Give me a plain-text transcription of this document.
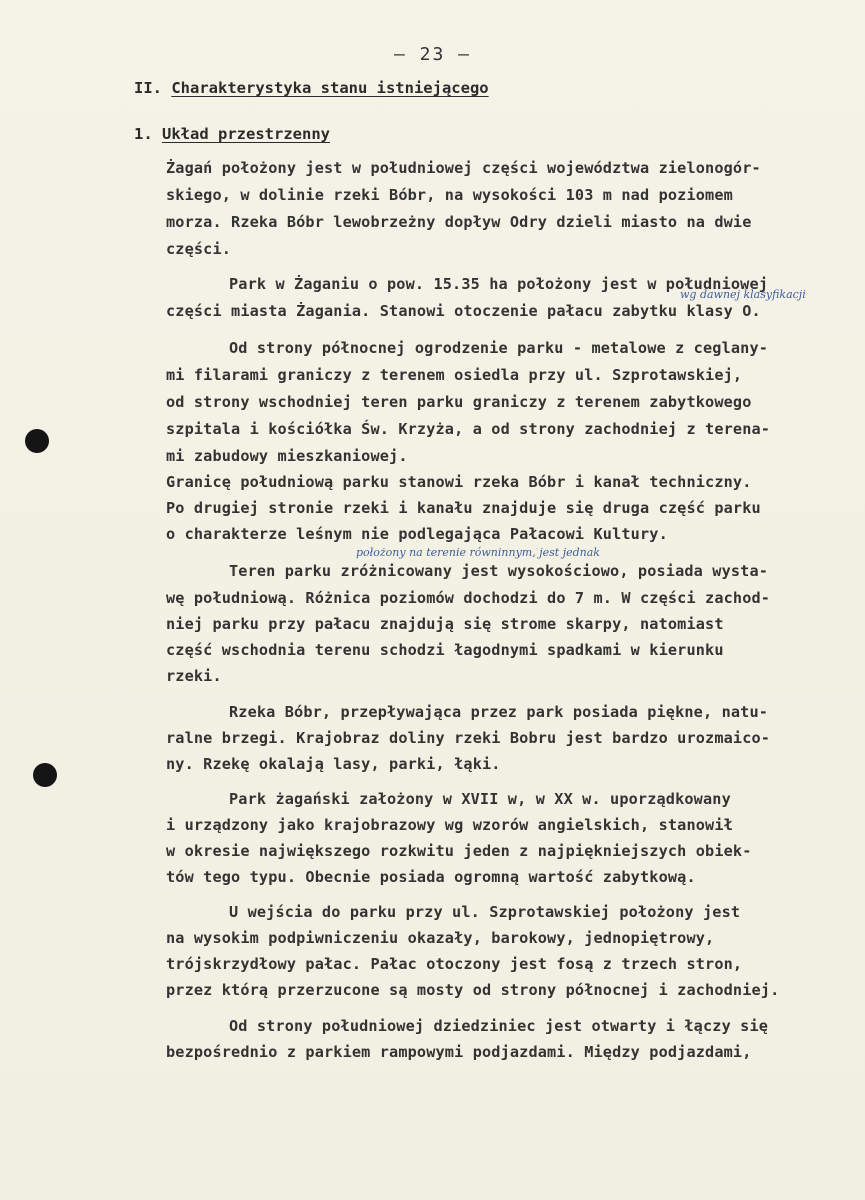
— 23 —
II. Charakterystyka stanu istniejącego
1. Układ przestrzenny
Żagań położony jest w południowej części województwa zielonogór-
skiego, w dolinie rzeki Bóbr, na wysokości 103 m nad poziomem
morza. Rzeka Bóbr lewobrzeżny dopływ Odry dzieli miasto na dwie
części.
Park w Żaganiu o pow. 15.35 ha położony jest w południowej
wg dawnej klasyfikacji
części miasta Żagania. Stanowi otoczenie pałacu zabytku klasy O.
Od strony północnej ogrodzenie parku - metalowe z ceglany-
mi filarami graniczy z terenem osiedla przy ul. Szprotawskiej,
od strony wschodniej teren parku graniczy z terenem zabytkowego
szpitala i kościółka Św. Krzyża, a od strony zachodniej z terena-
mi zabudowy mieszkaniowej.
Granicę południową parku stanowi rzeka Bóbr i kanał techniczny.
Po drugiej stronie rzeki i kanału znajduje się druga część parku
o charakterze leśnym nie podlegająca Pałacowi Kultury.
położony na terenie równinnym, jest jednak
Teren parku zróżnicowany jest wysokościowo, posiada wysta-
wę południową. Różnica poziomów dochodzi do 7 m. W części zachod-
niej parku przy pałacu znajdują się strome skarpy, natomiast
część wschodnia terenu schodzi łagodnymi spadkami w kierunku
rzeki.
Rzeka Bóbr, przepływająca przez park posiada piękne, natu-
ralne brzegi. Krajobraz doliny rzeki Bobru jest bardzo urozmaico-
ny. Rzekę okalają lasy, parki, łąki.
Park żagański założony w XVII w, w XX w. uporządkowany
i urządzony jako krajobrazowy wg wzorów angielskich, stanowił
w okresie największego rozkwitu jeden z najpiękniejszych obiek-
tów tego typu. Obecnie posiada ogromną wartość zabytkową.
U wejścia do parku przy ul. Szprotawskiej położony jest
na wysokim podpiwniczeniu okazały, barokowy, jednopiętrowy,
trójskrzydłowy pałac. Pałac otoczony jest fosą z trzech stron,
przez którą przerzucone są mosty od strony północnej i zachodniej.
Od strony południowej dziedziniec jest otwarty i łączy się
bezpośrednio z parkiem rampowymi podjazdami. Między podjazdami,
